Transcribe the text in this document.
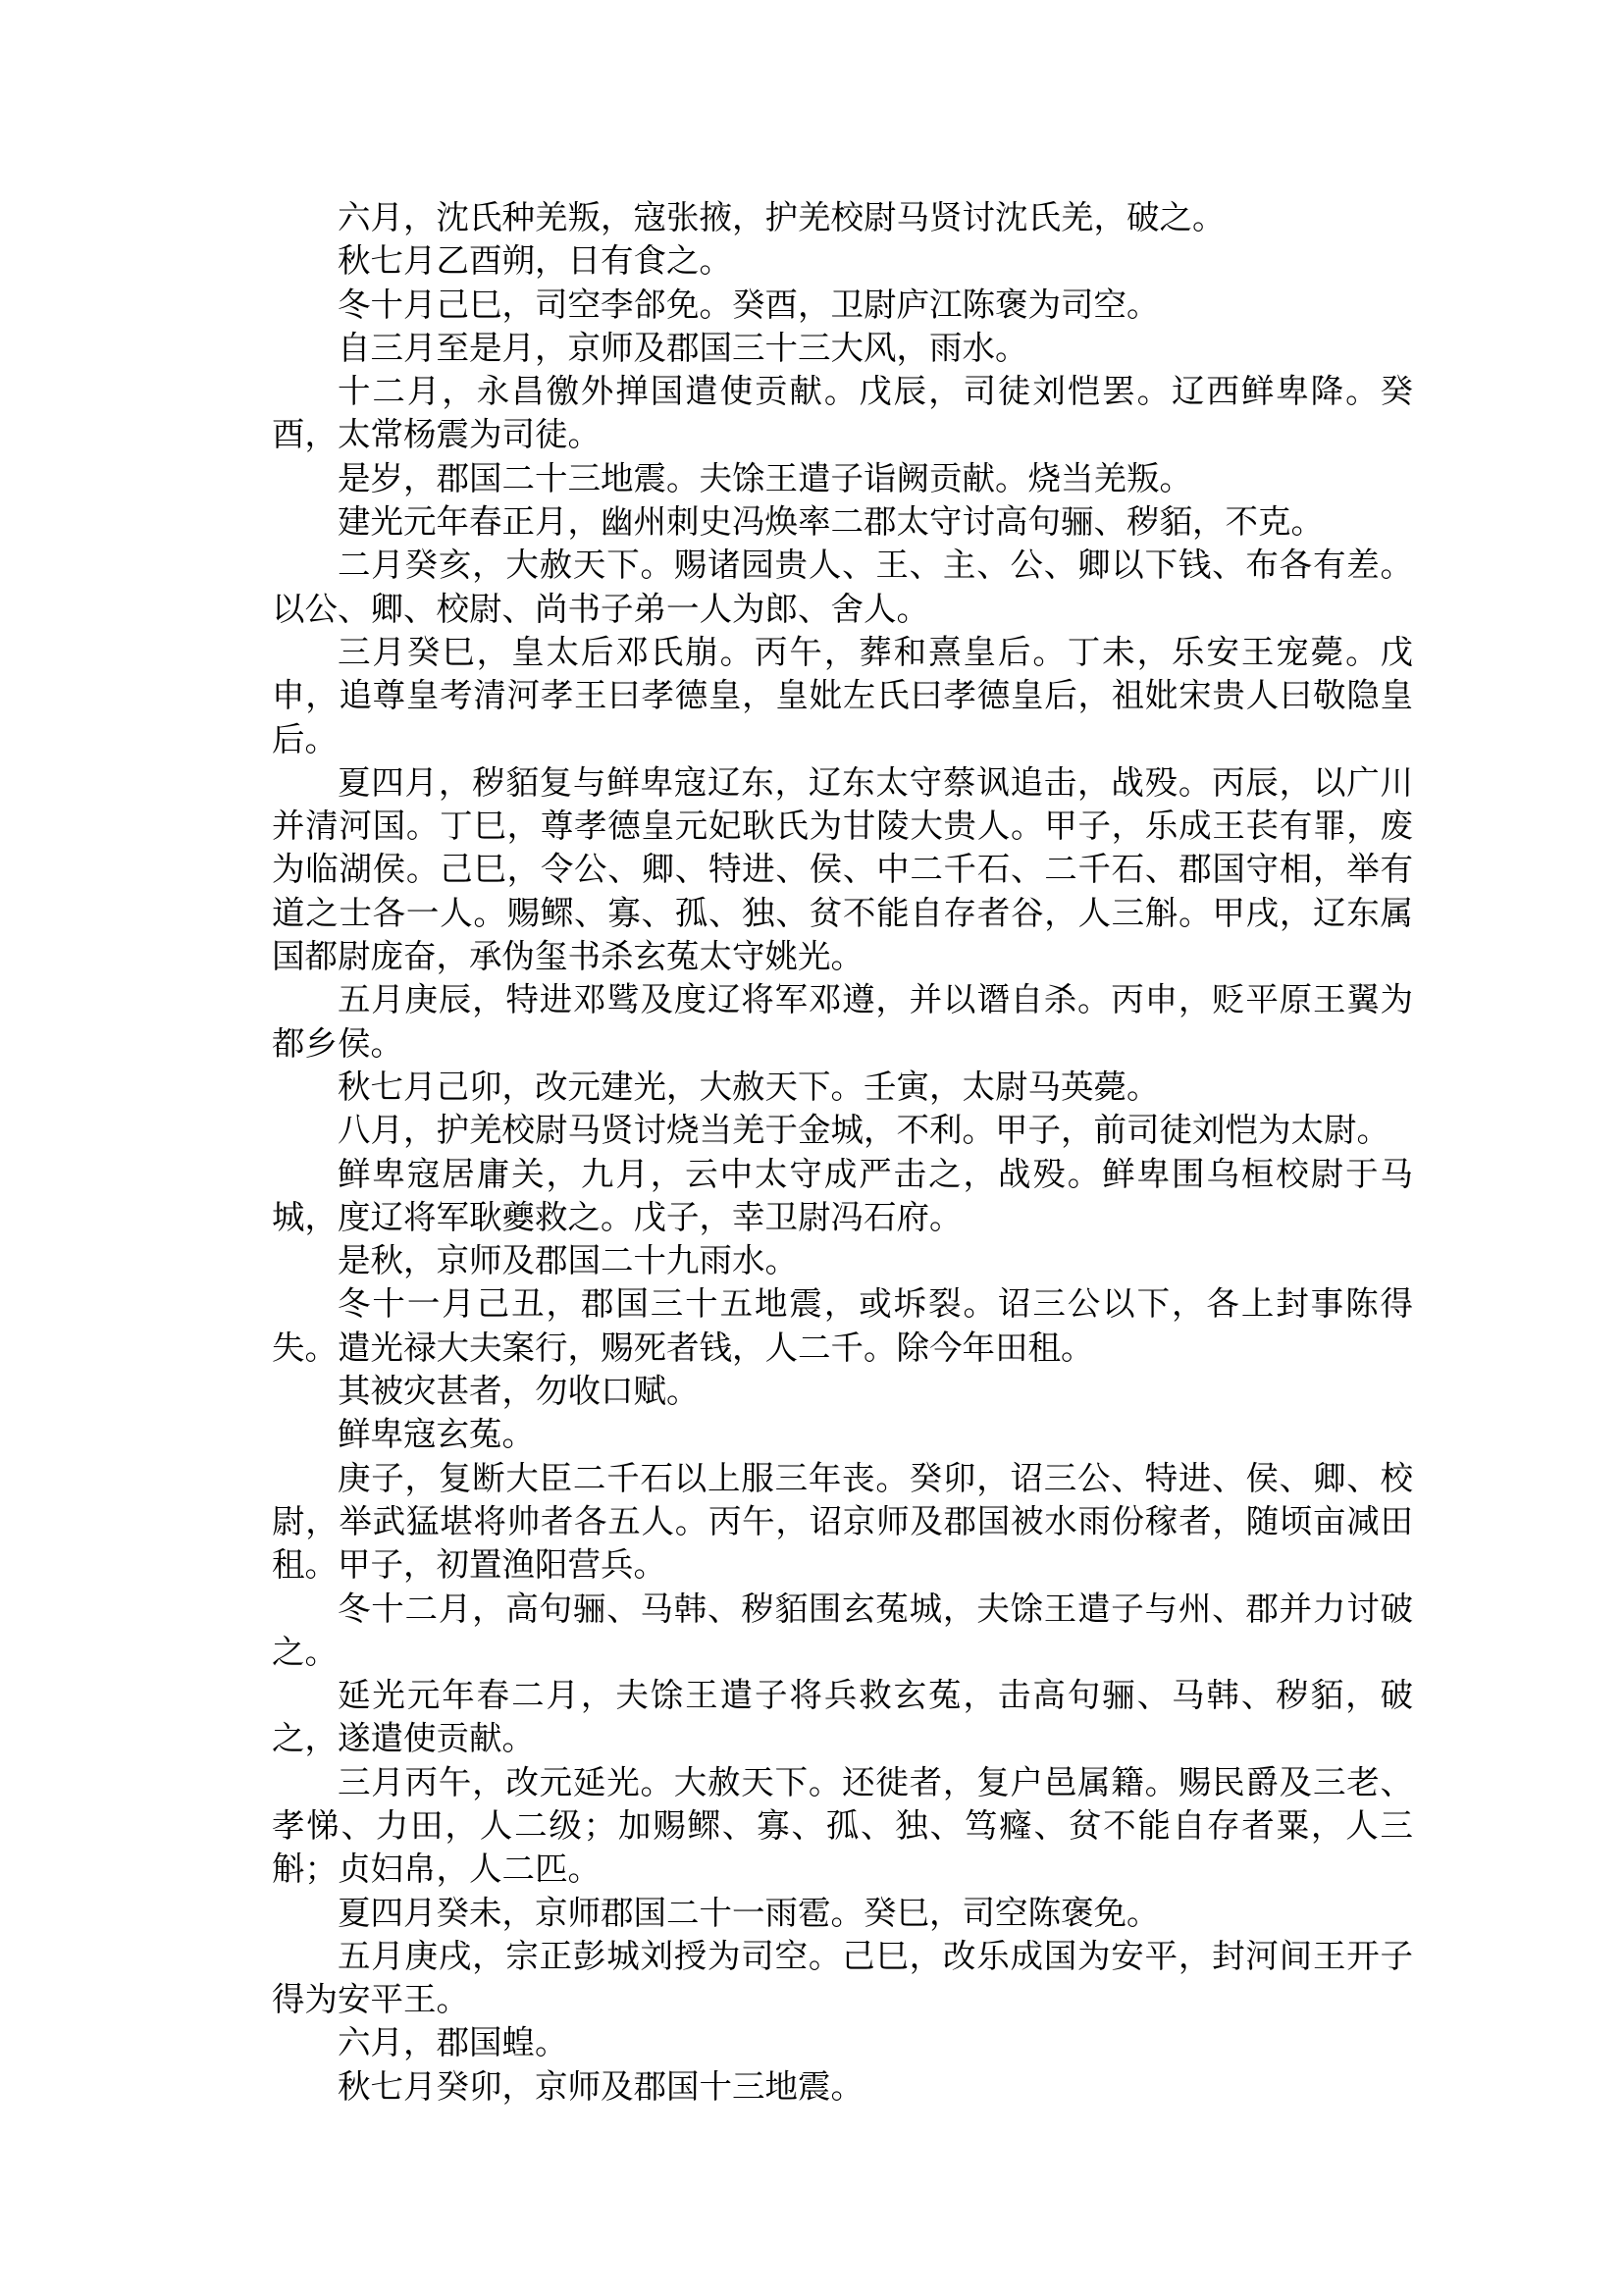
六月，沈氏种羌叛，寇张掖，护羌校尉马贤讨沈氏羌，破之。

秋七月乙酉朔，日有食之。

冬十月己巳，司空李郃免。癸酉，卫尉庐江陈褒为司空。

自三月至是月，京师及郡国三十三大风，雨水。

十二月，永昌徼外掸国遣使贡献。戊辰，司徒刘恺罢。辽西鲜卑降。癸酉，太常杨震为司徒。

是岁，郡国二十三地震。夫馀王遣子诣阙贡献。烧当羌叛。

建光元年春正月，幽州刺史冯焕率二郡太守讨高句骊、秽貊，不克。

二月癸亥，大赦天下。赐诸园贵人、王、主、公、卿以下钱、布各有差。以公、卿、校尉、尚书子弟一人为郎、舍人。

三月癸巳，皇太后邓氏崩。丙午，葬和熹皇后。丁未，乐安王宠薨。戊申，追尊皇考清河孝王曰孝德皇，皇妣左氏曰孝德皇后，祖妣宋贵人曰敬隐皇后。

夏四月，秽貊复与鲜卑寇辽东，辽东太守蔡讽追击，战殁。丙辰，以广川并清河国。丁巳，尊孝德皇元妃耿氏为甘陵大贵人。甲子，乐成王苌有罪，废为临湖侯。己巳，令公、卿、特进、侯、中二千石、二千石、郡国守相，举有道之士各一人。赐鳏、寡、孤、独、贫不能自存者谷，人三斛。甲戌，辽东属国都尉庞奋，承伪玺书杀玄菟太守姚光。

五月庚辰，特进邓骘及度辽将军邓遵，并以谮自杀。丙申，贬平原王翼为都乡侯。

秋七月己卯，改元建光，大赦天下。壬寅，太尉马英薨。

八月，护羌校尉马贤讨烧当羌于金城，不利。甲子，前司徒刘恺为太尉。

鲜卑寇居庸关，九月，云中太守成严击之，战殁。鲜卑围乌桓校尉于马城，度辽将军耿夔救之。戊子，幸卫尉冯石府。

是秋，京师及郡国二十九雨水。

冬十一月己丑，郡国三十五地震，或坼裂。诏三公以下，各上封事陈得失。遣光禄大夫案行，赐死者钱，人二千。除今年田租。

其被灾甚者，勿收口赋。

鲜卑寇玄菟。

庚子，复断大臣二千石以上服三年丧。癸卯，诏三公、特进、侯、卿、校尉，举武猛堪将帅者各五人。丙午，诏京师及郡国被水雨份稼者，随顷亩减田租。甲子，初置渔阳营兵。

冬十二月，高句骊、马韩、秽貊围玄菟城，夫馀王遣子与州、郡并力讨破之。

延光元年春二月，夫馀王遣子将兵救玄菟，击高句骊、马韩、秽貊，破之，遂遣使贡献。

三月丙午，改元延光。大赦天下。还徙者，复户邑属籍。赐民爵及三老、孝悌、力田，人二级；加赐鳏、寡、孤、独、笃癃、贫不能自存者粟，人三斛；贞妇帛，人二匹。

夏四月癸未，京师郡国二十一雨雹。癸巳，司空陈褒免。

五月庚戌，宗正彭城刘授为司空。己巳，改乐成国为安平，封河间王开子得为安平王。

六月，郡国蝗。

秋七月癸卯，京师及郡国十三地震。
